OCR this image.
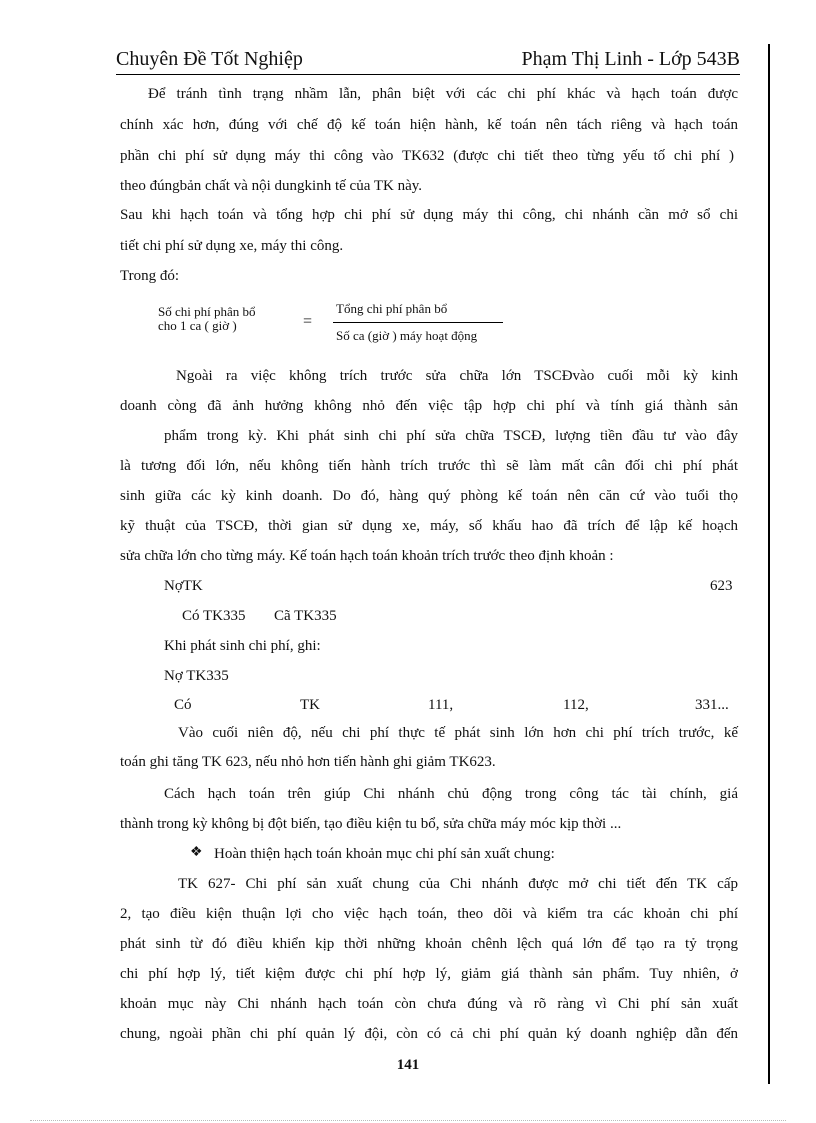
Chuyên Đề Tốt Nghiệp	Phạm Thị Linh - Lớp 543B
Để tránh tình trạng nhầm lẫn, phân biệt với các chi phí khác và hạch toán được
chính xác hơn, đúng với chế độ kế toán hiện hành, kế toán nên tách riêng và hạch toán
phần chi phí sử dụng máy thi công vào TK632 (được chi tiết theo từng yếu tố chi phí )
theo đúngbản chất và nội dungkinh tế của TK này.
Sau khi hạch toán và tổng hợp chi phí sử dụng máy thi công, chi nhánh cần mở sổ chi
tiết chi phí sử dụng xe, máy thi công.
Trong đó:
Số chi phí phân bổ
cho 1 ca ( giờ )	=
Tổng chi phí phân bổ
Số ca (giờ ) máy hoạt động
Ngoài ra việc không trích trước sửa chữa lớn TSCĐvào cuối mỗi kỳ kinh
doanh còng đã ảnh hưởng không nhỏ đến việc tập hợp chi phí và tính giá thành sản
phẩm trong kỳ. Khi phát sinh chi phí sửa chữa TSCĐ, lượng tiền đầu tư vào đây
là tương đối lớn, nếu không tiến hành trích trước thì sẽ làm mất cân đối chi phí phát
sinh giữa các kỳ kinh doanh. Do đó, hàng quý phòng kế toán nên căn cứ vào tuổi thọ
kỹ thuật của TSCĐ, thời gian sử dụng xe, máy, số khấu hao đã trích để lập kế hoạch
sửa chữa lớn cho từng máy. Kế toán hạch toán khoản trích trước theo định khoản :
NợTK	623
Có TK335 Cã TK335
Khi phát sinh chi phí, ghi:
Nợ TK335
Có	TK	111,	112,	331...
Vào cuối niên độ, nếu chi phí thực tế phát sinh lớn hơn chi phí trích trước, kế
toán ghi tăng TK 623, nếu nhỏ hơn tiến hành ghi giảm TK623.
Cách hạch toán trên giúp Chi nhánh chủ động trong công tác tài chính, giá
thành trong kỳ không bị đột biến, tạo điều kiện tu bổ, sửa chữa máy móc kịp thời ...
❖ Hoàn thiện hạch toán khoản mục chi phí sản xuất chung:
TK 627- Chi phí sản xuất chung của Chi nhánh được mở chi tiết đến TK cấp
2, tạo điều kiện thuận lợi cho việc hạch toán, theo dõi và kiểm tra các khoản chi phí
phát sinh từ đó điều khiển kịp thời những khoản chênh lệch quá lớn để tạo ra tỷ trọng
chi phí hợp lý, tiết kiệm được chi phí hợp lý, giảm giá thành sản phẩm. Tuy nhiên, ở
khoản mục này Chi nhánh hạch toán còn chưa đúng và rõ ràng vì Chi phí sản xuất
chung, ngoài phần chi phí quản lý đội, còn có cả chi phí quản ký doanh nghiệp dẫn đến
141
